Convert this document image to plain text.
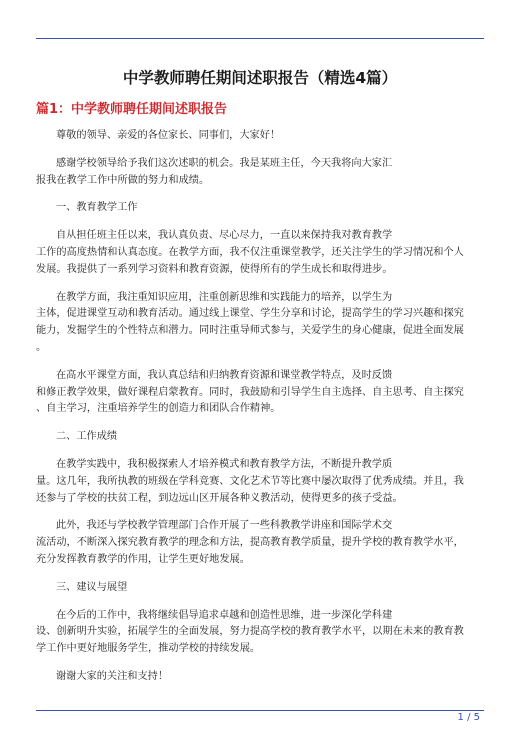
中学教师聘任期间述职报告（精选4篇）
篇1：中学教师聘任期间述职报告

尊敬的领导、亲爱的各位家长、同事们，大家好！

感谢学校领导给予我们这次述职的机会。我是某班主任，今天我将向大家汇
报我在教学工作中所做的努力和成绩。

一、教育教学工作

自从担任班主任以来，我认真负责、尽心尽力，一直以来保持我对教育教学
工作的高度热情和认真态度。在教学方面，我不仅注重课堂教学，还关注学生的学习情况和个人
发展。我提供了一系列学习资料和教育资源，使得所有的学生成长和取得进步。

在教学方面，我注重知识应用，注重创新思维和实践能力的培养，以学生为
主体，促进课堂互动和教育活动。通过线上课堂、学生分享和讨论，提高学生的学习兴趣和探究
能力，发掘学生的个性特点和潜力。同时注重导师式参与，关爱学生的身心健康，促进全面发展
。

在高水平课堂方面，我认真总结和归纳教育资源和课堂教学特点，及时反馈
和修正教学效果，做好课程启蒙教育。同时，我鼓励和引导学生自主选择、自主思考、自主探究
、自主学习，注重培养学生的创造力和团队合作精神。

二、工作成绩

在教学实践中，我积极探索人才培养模式和教育教学方法，不断提升教学质
量。这几年，我所执教的班级在学科竞赛、文化艺术节等比赛中屡次取得了优秀成绩。并且，我
还参与了学校的扶贫工程，到边远山区开展各种义教活动，使得更多的孩子受益。

此外，我还与学校教学管理部门合作开展了一些科教教学讲座和国际学术交
流活动，不断深入探究教育教学的理念和方法，提高教育教学质量，提升学校的教育教学水平，
充分发挥教育教学的作用，让学生更好地发展。

三、建议与展望

在今后的工作中，我将继续倡导追求卓越和创造性思维，进一步深化学科建
设、创新明升实验，拓展学生的全面发展，努力提高学校的教育教学水平，以期在未来的教育教
学工作中更好地服务学生，推动学校的持续发展。

谢谢大家的关注和支持！

1 / 5
